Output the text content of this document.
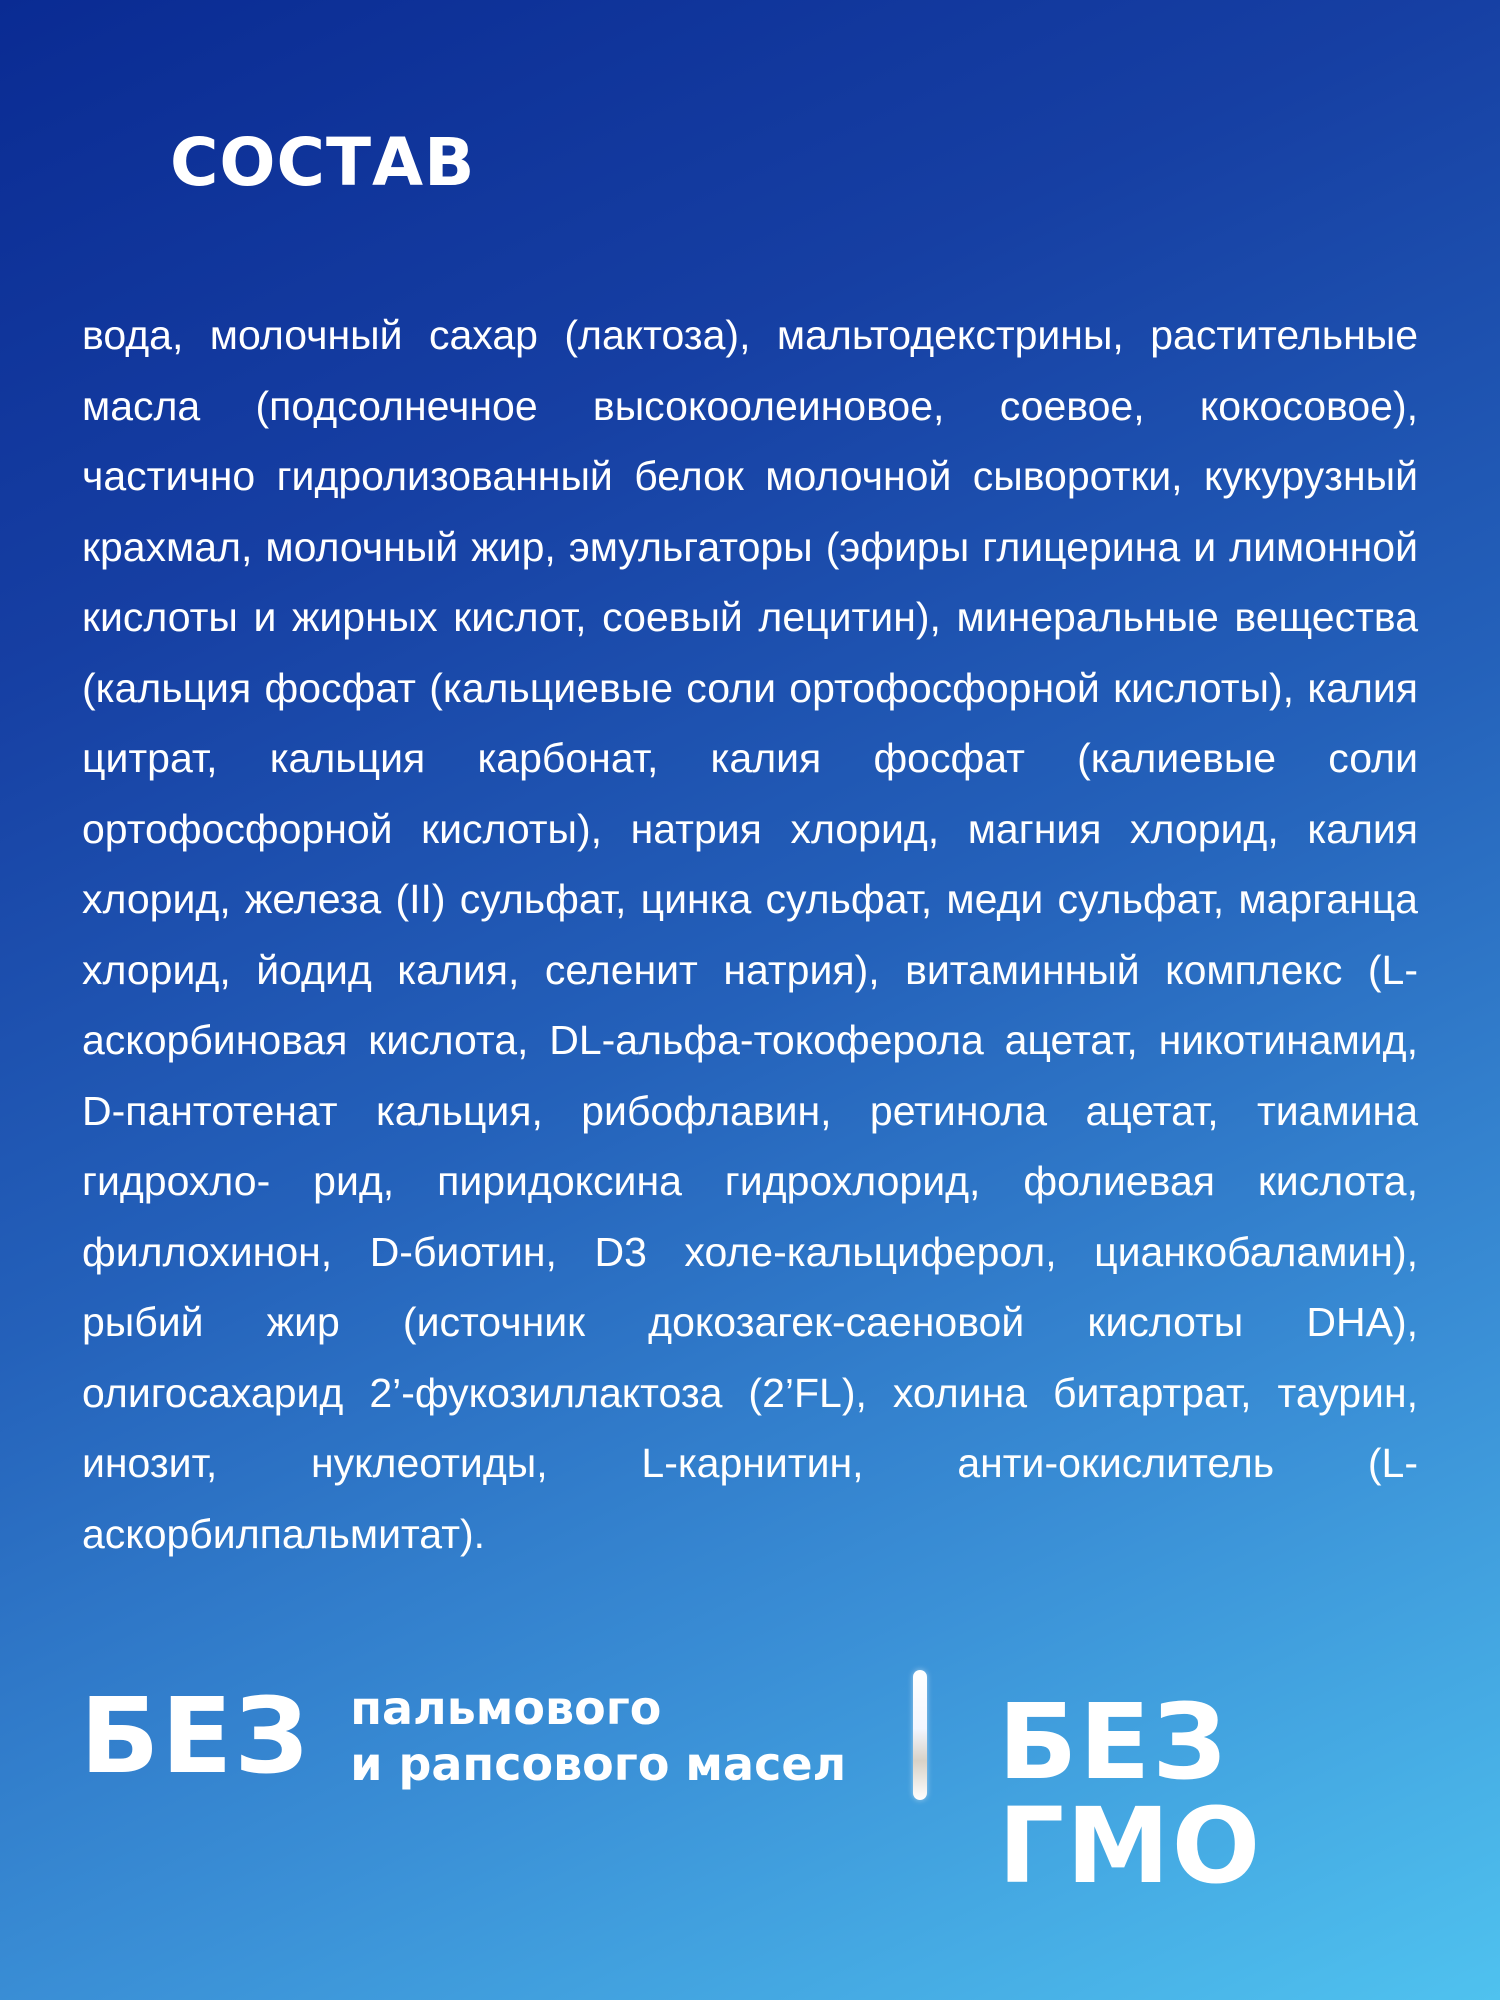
СОСТАВ

вода, молочный сахар (лактоза), мальтодекстрины, растительные масла (подсолнечное высокоолеиновое, соевое, кокосовое), частично гидролизованный белок молочной сыворотки, кукурузный крахмал, молочный жир, эмульгаторы (эфиры глицерина и лимонной кислоты и жирных кислот, соевый лецитин), минеральные вещества (кальция фосфат (кальциевые соли ортофосфорной кислоты), калия цитрат, кальция карбонат, калия фосфат (калиевые соли ортофосфорной кислоты), натрия хлорид, магния хлорид, калия хлорид, железа (II) сульфат, цинка сульфат, меди сульфат, марганца хлорид, йодид калия, селенит натрия), витаминный комплекс (L-аскорбиновая кислота, DL-альфа-токоферола ацетат, никотинамид, D-пантотенат кальция, рибофлавин, ретинола ацетат, тиамина гидрохло- рид, пиридоксина гидрохлорид, фолиевая кислота, филлохинон, D-биотин, D3 холе-кальциферол, цианкобаламин), рыбий жир (источник докозагек-саеновой кислоты DHA), олигосахарид 2’-фукозиллактоза (2’FL), холина битартрат, таурин, инозит, нуклеотиды, L-карнитин, анти-окислитель (L-аскорбилпальмитат).

БЕЗ пальмового
и рапсового масел БЕЗ ГМО
